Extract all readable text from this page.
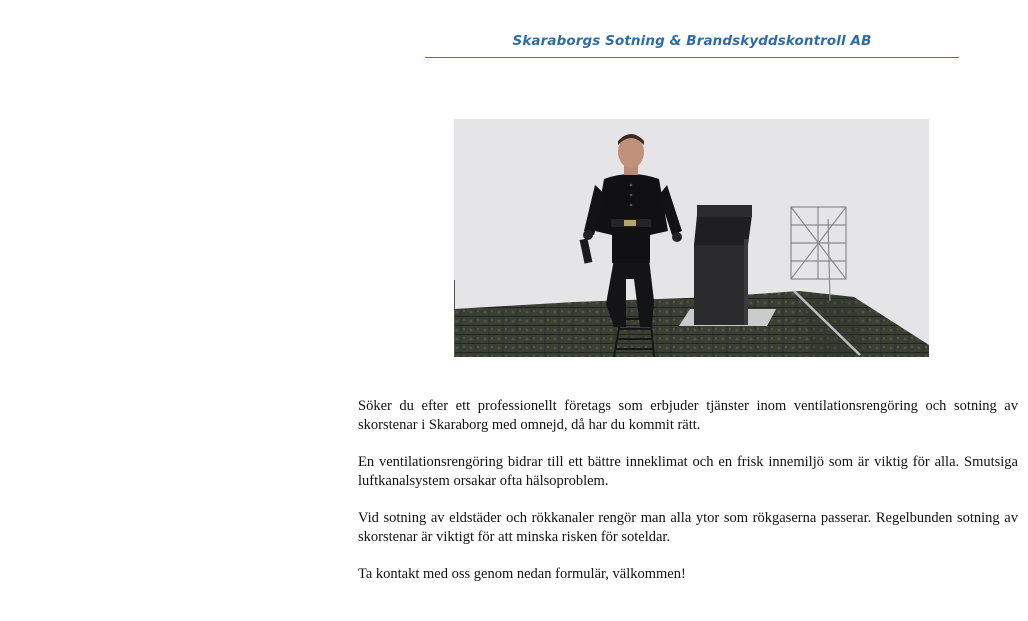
Skaraborgs Sotning & Brandskyddskontroll AB

Söker du efter ett professionellt företags som erbjuder tjänster inom ventilationsrengöring och sotning av skorstenar i Skaraborg med omnejd, då har du kommit rätt.

En ventilationsrengöring bidrar till ett bättre inneklimat och en frisk innemiljö som är viktig för alla. Smutsiga luftkanalsystem orsakar ofta hälsoproblem.

Vid sotning av eldstäder och rökkanaler rengör man alla ytor som rökgaserna passerar. Regelbunden sotning av skorstenar är viktigt för att minska risken för soteldar.

Ta kontakt med oss genom nedan formulär, välkommen!
